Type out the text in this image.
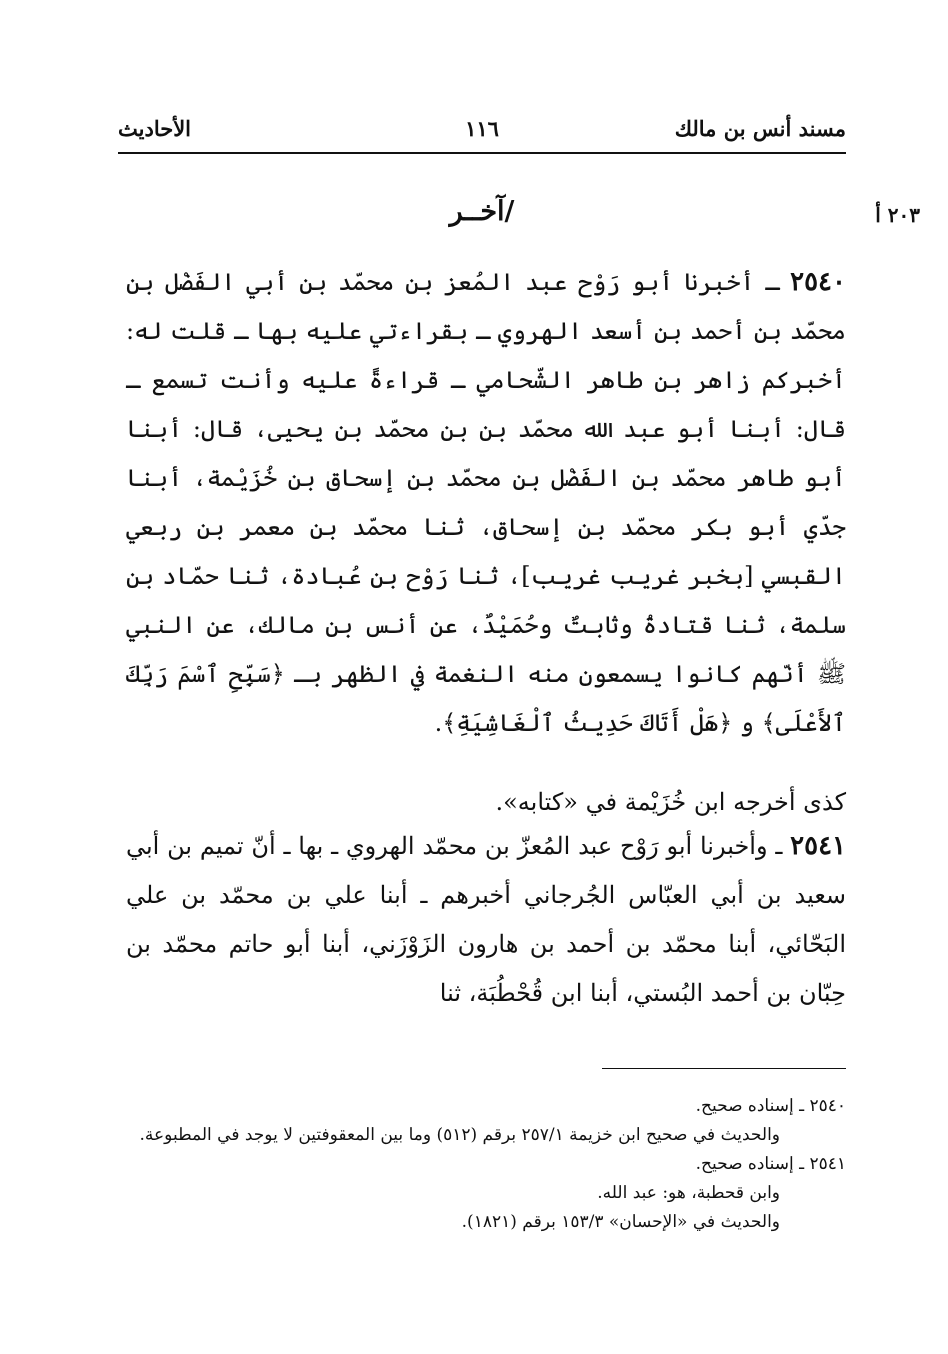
مسند أنس بن مالك
١١٦
الأحاديث
٢٠٣ أ
/آخــر
٢٥٤٠ ـ أخبرنا أبو رَوْح عبد المُعز بن محمّد بن أبي الفَضْل بن محمّد بن أحمد بن أسعد الهروي ـ بقراءتي عليه بها ـ قلت له: أخبركم زاهر بن طاهر الشّحامي ـ قراءةً عليه وأنت تسمع ـ قال: أبنا أبو عبد الله محمّد بن بن محمّد بن يحيى، قال: أبنا أبو طاهر محمّد بن الفَضْل بن محمّد بن إسحاق بن خُزَيْمة، أبنا جدّي أبو بكر محمّد بن إسحاق، ثنا محمّد بن معمر بن ربعي القبسي [بخبر غريب غريب]، ثنا رَوْح بن عُبادة، ثنا حمّاد بن سلمة، ثنا قتادةُ وثابتٌ وحُمَيْدٌ، عن أنس بن مالك، عن النبي ﷺ أنّهم كانوا يسمعون منه النغمة في الظهر بـ ﴿سَبِّحِ ٱسْمَ رَبِّكَ ٱلأَعْلَى﴾ و ﴿هَلْ أَتَاكَ حَدِيثُ ٱلْغَاشِيَةِ﴾.
كذى أخرجه ابن خُزَيْمة في «كتابه».
٢٥٤١ ـ وأخبرنا أبو رَوْح عبد المُعزّ بن محمّد الهروي ـ بها ـ أنّ تميم بن أبي سعيد بن أبي العبّاس الجُرجاني أخبرهم ـ أبنا علي بن محمّد بن علي البَحّائي، أبنا محمّد بن أحمد بن هارون الزَوْزَني، أبنا أبو حاتم محمّد بن حِبّان بن أحمد البُستي، أبنا ابن قُحْطُبَة، ثنا
٢٥٤٠ ـ إسناده صحيح.
والحديث في صحيح ابن خزيمة ٢٥٧/١ برقم (٥١٢) وما بين المعقوفتين لا يوجد في المطبوعة.
٢٥٤١ ـ إسناده صحيح.
وابن قحطبة، هو: عبد الله.
والحديث في «الإحسان» ١٥٣/٣ برقم (١٨٢١).
